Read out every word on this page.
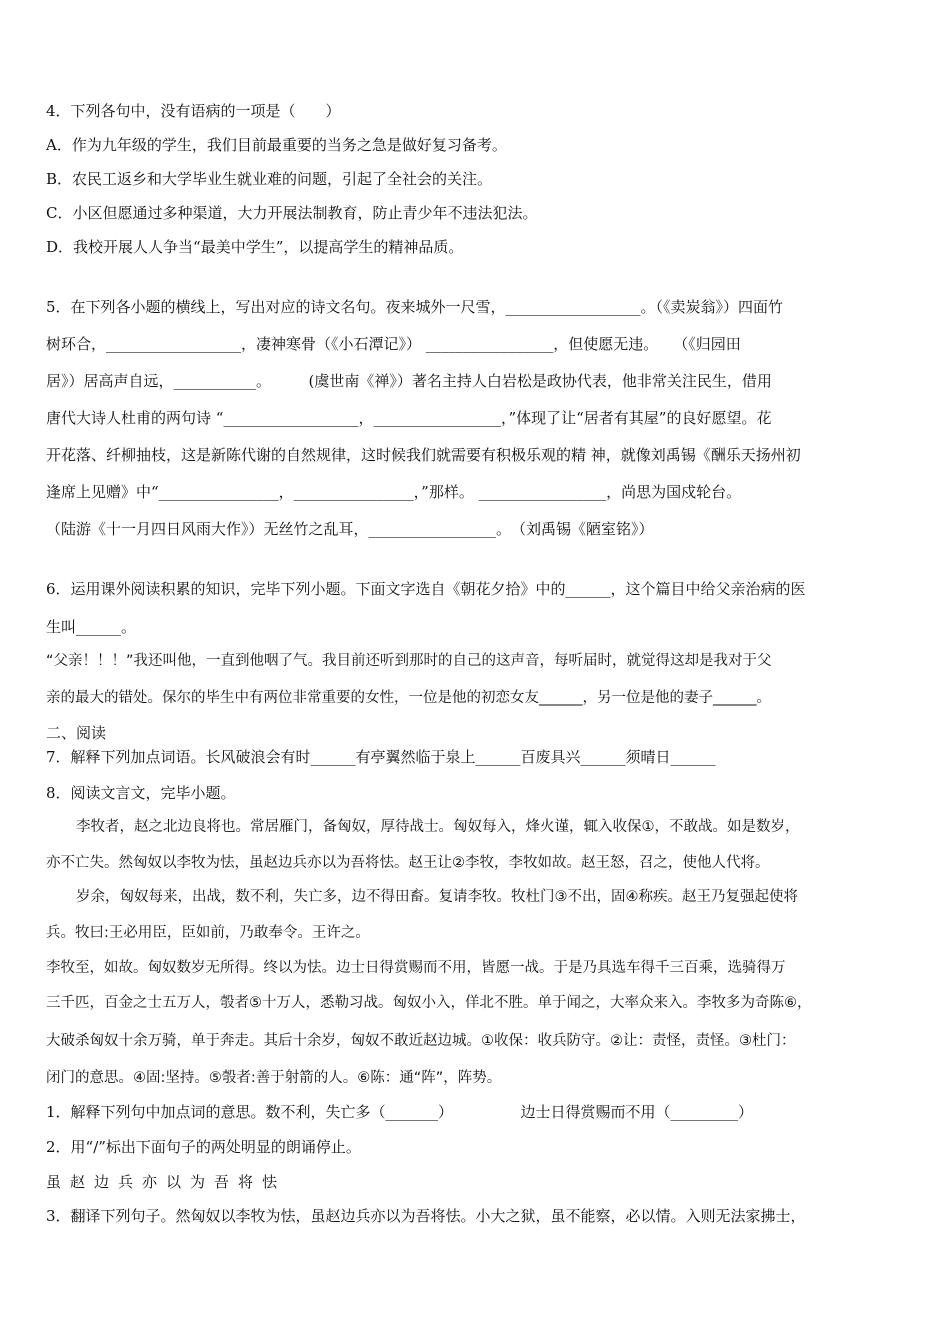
4．下列各句中，没有语病的一项是（　　）
A．作为九年级的学生，我们目前最重要的当务之急是做好复习备考。
B．农民工返乡和大学毕业生就业难的问题，引起了全社会的关注。
C．小区但愿通过多种渠道，大力开展法制教育，防止青少年不违法犯法。
D．我校开展人人争当“最美中学生”，以提高学生的精神品质。
5．在下列各小题的横线上，写出对应的诗文名句。夜来城外一尺雪，__________________。（《卖炭翁》）四面竹
树环合，__________________，凄神寒骨（《小石潭记》） _________________，但使愿无违。　　（《归园田
居》）居高声自远，___________。　　　(虞世南《禅》）著名主持人白岩松是政协代表，他非常关注民生，借用
唐代大诗人杜甫的两句诗 “__________________，_________________，”体现了让“居者有其屋”的良好愿望。花
开花落、纤柳抽枝，这是新陈代谢的自然规律，这时候我们就需要有积极乐观的精 神，就像刘禹锡《酬乐天扬州初
逢席上见赠》中“________________，________________，”那样。 _________________，尚思为国戍轮台。
（陆游《十一月四日风雨大作》）无丝竹之乱耳，_________________。　（刘禹锡《陋室铭》）
6．运用课外阅读积累的知识，完毕下列小题。下面文字选自《朝花夕拾》中的______，这个篇目中给父亲治病的医
生叫______。
“父亲！！！”我还叫他，一直到他咽了气。我目前还听到那时的自己的这声音，每听届时，就觉得这却是我对于父
亲的最大的错处。保尔的毕生中有两位非常重要的女性，一位是他的初恋女友______，另一位是他的妻子______。
二、阅读
7．解释下列加点词语。长风破浪会有时______有亭翼然临于泉上______百废具兴______须晴日______
8．阅读文言文，完毕小题。
李牧者，赵之北边良将也。常居雁门，备匈奴，厚待战士。匈奴每入，烽火谨，辄入收保①，不敢战。如是数岁，
亦不亡失。然匈奴以李牧为怯，虽赵边兵亦以为吾将怯。赵王让②李牧，李牧如故。赵王怒，召之，使他人代将。
岁余，匈奴每来，出战，数不利，失亡多，边不得田畜。复请李牧。牧杜门③不出，固④称疾。赵王乃复强起使将
兵。牧曰:王必用臣，臣如前，乃敢奉令。王许之。
李牧至，如故。匈奴数岁无所得。终以为怯。边士日得赏赐而不用，皆愿一战。于是乃具选车得千三百乘，选骑得万
三千匹，百金之士五万人，彀者⑤十万人，悉勒习战。匈奴小入，佯北不胜。单于闻之，大率众来入。李牧多为奇陈⑥，
大破杀匈奴十余万骑，单于奔走。其后十余岁，匈奴不敢近赵边城。①收保：收兵防守。②让：责怪，责怪。③杜门：
闭门的意思。④固:坚持。⑤彀者:善于射箭的人。⑥陈：通“阵”，阵势。
1．解释下列句中加点词的意思。数不利，失亡多（_______）　　　　　边士日得赏赐而不用（_________）
2．用“/”标出下面句子的两处明显的朗诵停止。
虽赵边兵亦以为吾将怯
3．翻译下列句子。然匈奴以李牧为怯，虽赵边兵亦以为吾将怯。小大之狱，虽不能察，必以情。入则无法家拂士，
